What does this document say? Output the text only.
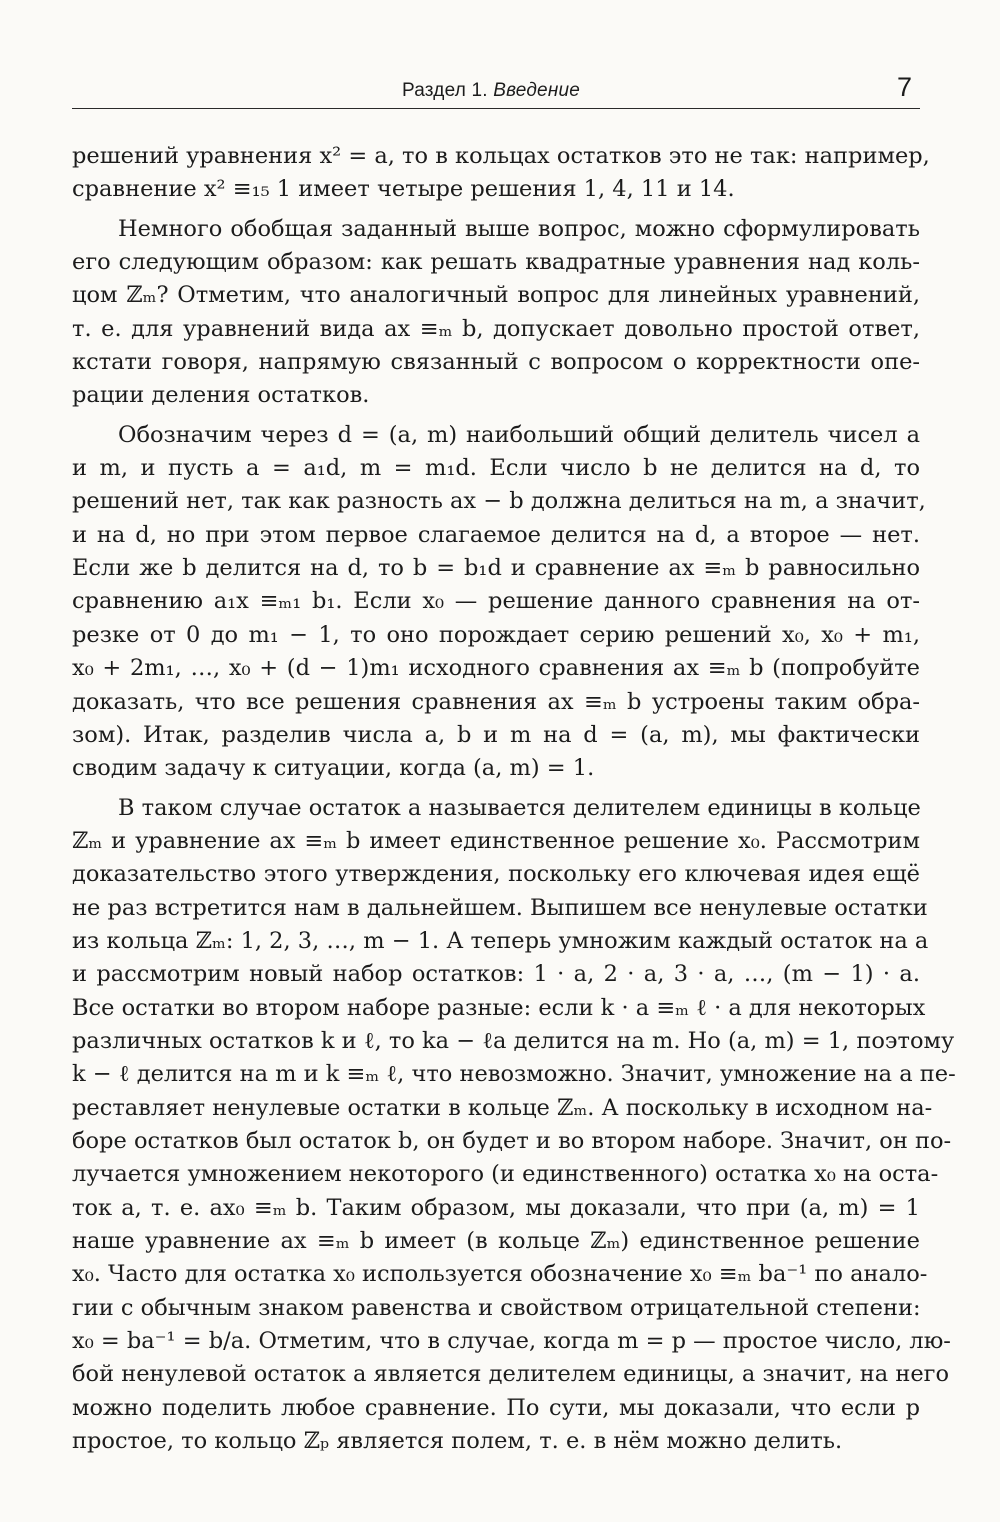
Раздел 1. Введение	7
решений уравнения x² = a, то в кольцах остатков это не так: например,
сравнение x² ≡₁₅ 1 имеет четыре решения 1, 4, 11 и 14.
Немного обобщая заданный выше вопрос, можно сформулировать
его следующим образом: как решать квадратные уравнения над коль-
цом ℤₘ? Отметим, что аналогичный вопрос для линейных уравнений,
т. е. для уравнений вида ax ≡ₘ b, допускает довольно простой ответ,
кстати говоря, напрямую связанный с вопросом о корректности опе-
рации деления остатков.
Обозначим через d = (a, m) наибольший общий делитель чисел a
и m, и пусть a = a₁d, m = m₁d. Если число b не делится на d, то
решений нет, так как разность ax − b должна делиться на m, а значит,
и на d, но при этом первое слагаемое делится на d, а второе — нет.
Если же b делится на d, то b = b₁d и сравнение ax ≡ₘ b равносильно
сравнению a₁x ≡ₘ₁ b₁. Если x₀ — решение данного сравнения на от-
резке от 0 до m₁ − 1, то оно порождает серию решений x₀, x₀ + m₁,
x₀ + 2m₁, …, x₀ + (d − 1)m₁ исходного сравнения ax ≡ₘ b (попробуйте
доказать, что все решения сравнения ax ≡ₘ b устроены таким обра-
зом). Итак, разделив числа a, b и m на d = (a, m), мы фактически
сводим задачу к ситуации, когда (a, m) = 1.
В таком случае остаток a называется делителем единицы в кольце
ℤₘ и уравнение ax ≡ₘ b имеет единственное решение x₀. Рассмотрим
доказательство этого утверждения, поскольку его ключевая идея ещё
не раз встретится нам в дальнейшем. Выпишем все ненулевые остатки
из кольца ℤₘ: 1, 2, 3, …, m − 1. А теперь умножим каждый остаток на a
и рассмотрим новый набор остатков: 1 · a, 2 · a, 3 · a, …, (m − 1) · a.
Все остатки во втором наборе разные: если k · a ≡ₘ ℓ · a для некоторых
различных остатков k и ℓ, то ka − ℓa делится на m. Но (a, m) = 1, поэтому
k − ℓ делится на m и k ≡ₘ ℓ, что невозможно. Значит, умножение на a пе-
реставляет ненулевые остатки в кольце ℤₘ. А поскольку в исходном на-
боре остатков был остаток b, он будет и во втором наборе. Значит, он по-
лучается умножением некоторого (и единственного) остатка x₀ на оста-
ток a, т. е. ax₀ ≡ₘ b. Таким образом, мы доказали, что при (a, m) = 1
наше уравнение ax ≡ₘ b имеет (в кольце ℤₘ) единственное решение
x₀. Часто для остатка x₀ используется обозначение x₀ ≡ₘ ba⁻¹ по анало-
гии с обычным знаком равенства и свойством отрицательной степени:
x₀ = ba⁻¹ = b/a. Отметим, что в случае, когда m = p — простое число, лю-
бой ненулевой остаток a является делителем единицы, а значит, на него
можно поделить любое сравнение. По сути, мы доказали, что если p
простое, то кольцо ℤₚ является полем, т. е. в нём можно делить.
